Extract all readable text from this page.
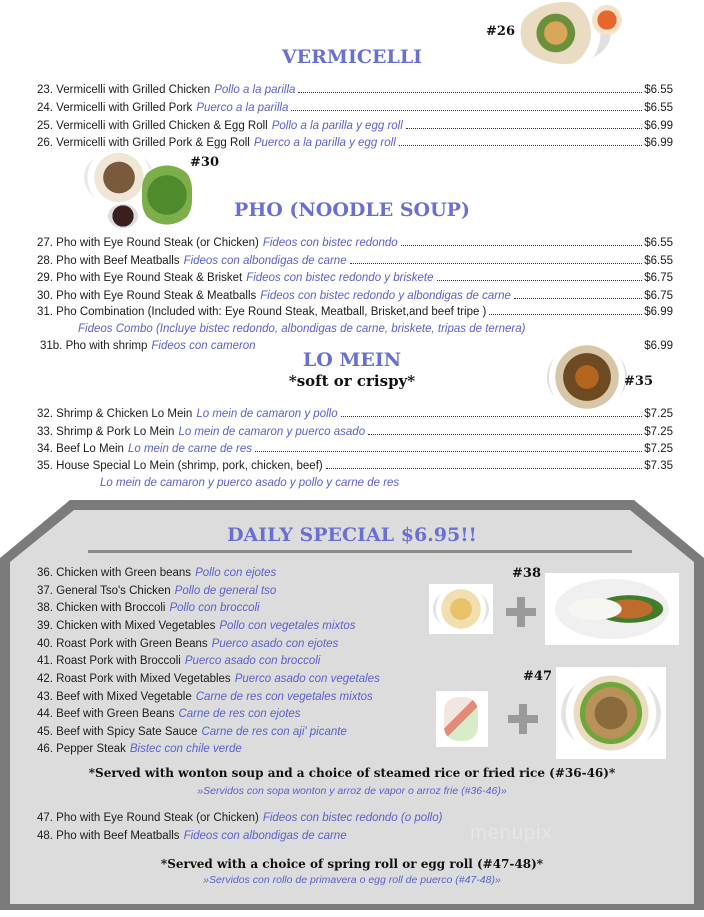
#26
VERMICELLI
23. Vermicelli with Grilled Chicken Pollo a la parilla	$6.55
24. Vermicelli with Grilled Pork Puerco a la parilla	$6.55
25. Vermicelli with Grilled Chicken & Egg Roll Pollo a la parilla y egg roll	$6.99
26. Vermicelli with Grilled Pork & Egg Roll Puerco a la parilla y egg roll	$6.99
#30
PHO (NOODLE SOUP)
27. Pho with Eye Round Steak (or Chicken) Fideos con bistec redondo	$6.55
28. Pho with Beef Meatballs Fideos con albondigas de carne	$6.55
29. Pho with Eye Round Steak & Brisket Fideos con bistec redondo y brisketе	$6.75
30. Pho with Eye Round Steak & Meatballs Fideos con bistec redondo y albondigas de carne	$6.75
31. Pho Combination (Included with: Eye Round Steak, Meatball, Brisket,and beef tripe )	$6.99
Fideos Combo (Incluye bistec redondo, albondigas de carne, brisketе, tripas de ternera)
31b. Pho with shrimp Fideos con cameron	$6.99
LO MEIN
*soft or crispy*	#35
32. Shrimp & Chicken Lo Mein Lo mein de camaron y pollo	$7.25
33. Shrimp & Pork Lo Mein Lo mein de camaron y puerco asado	$7.25
34. Beef Lo Mein Lo mein de carne de res	$7.25
35. House Special Lo Mein (shrimp, pork, chicken, beef)	$7.35
Lo mein de camaron y puerco asado y pollo y carne de res
DAILY SPECIAL $6.95!!
36. Chicken with Green beans Pollo con ejotes
37. General Tso's Chicken Pollo de general tso
38. Chicken with Broccoli Pollo con broccoli
39. Chicken with Mixed Vegetables Pollo con vegetales mixtos
40. Roast Pork with Green Beans Puerco asado con ejotes
41. Roast Pork with Broccoli Puerco asado con broccoli
42. Roast Pork with Mixed Vegetables Puerco asado con vegetales
43. Beef with Mixed Vegetable Carne de res con vegetales mixtos
44. Beef with Green Beans Carne de res con ejotes
45. Beef with Spicy Sate Sauce Carne de res con aji' picante
46. Pepper Steak Bistec con chile verde
#38
#47
*Served with wonton soup and a choice of steamed rice or fried rice (#36-46)*
»Servidos con sopa wonton y arroz de vapor o arroz frie (#36-46)»
47. Pho with Eye Round Steak (or Chicken) Fideos con bistec redondo (o pollo)
48. Pho with Beef Meatballs Fideos con albondigas de carne	menupix
*Served with a choice of spring roll or egg roll (#47-48)*
»Servidos con rollo de primavera o egg roll de puerco (#47-48)»
